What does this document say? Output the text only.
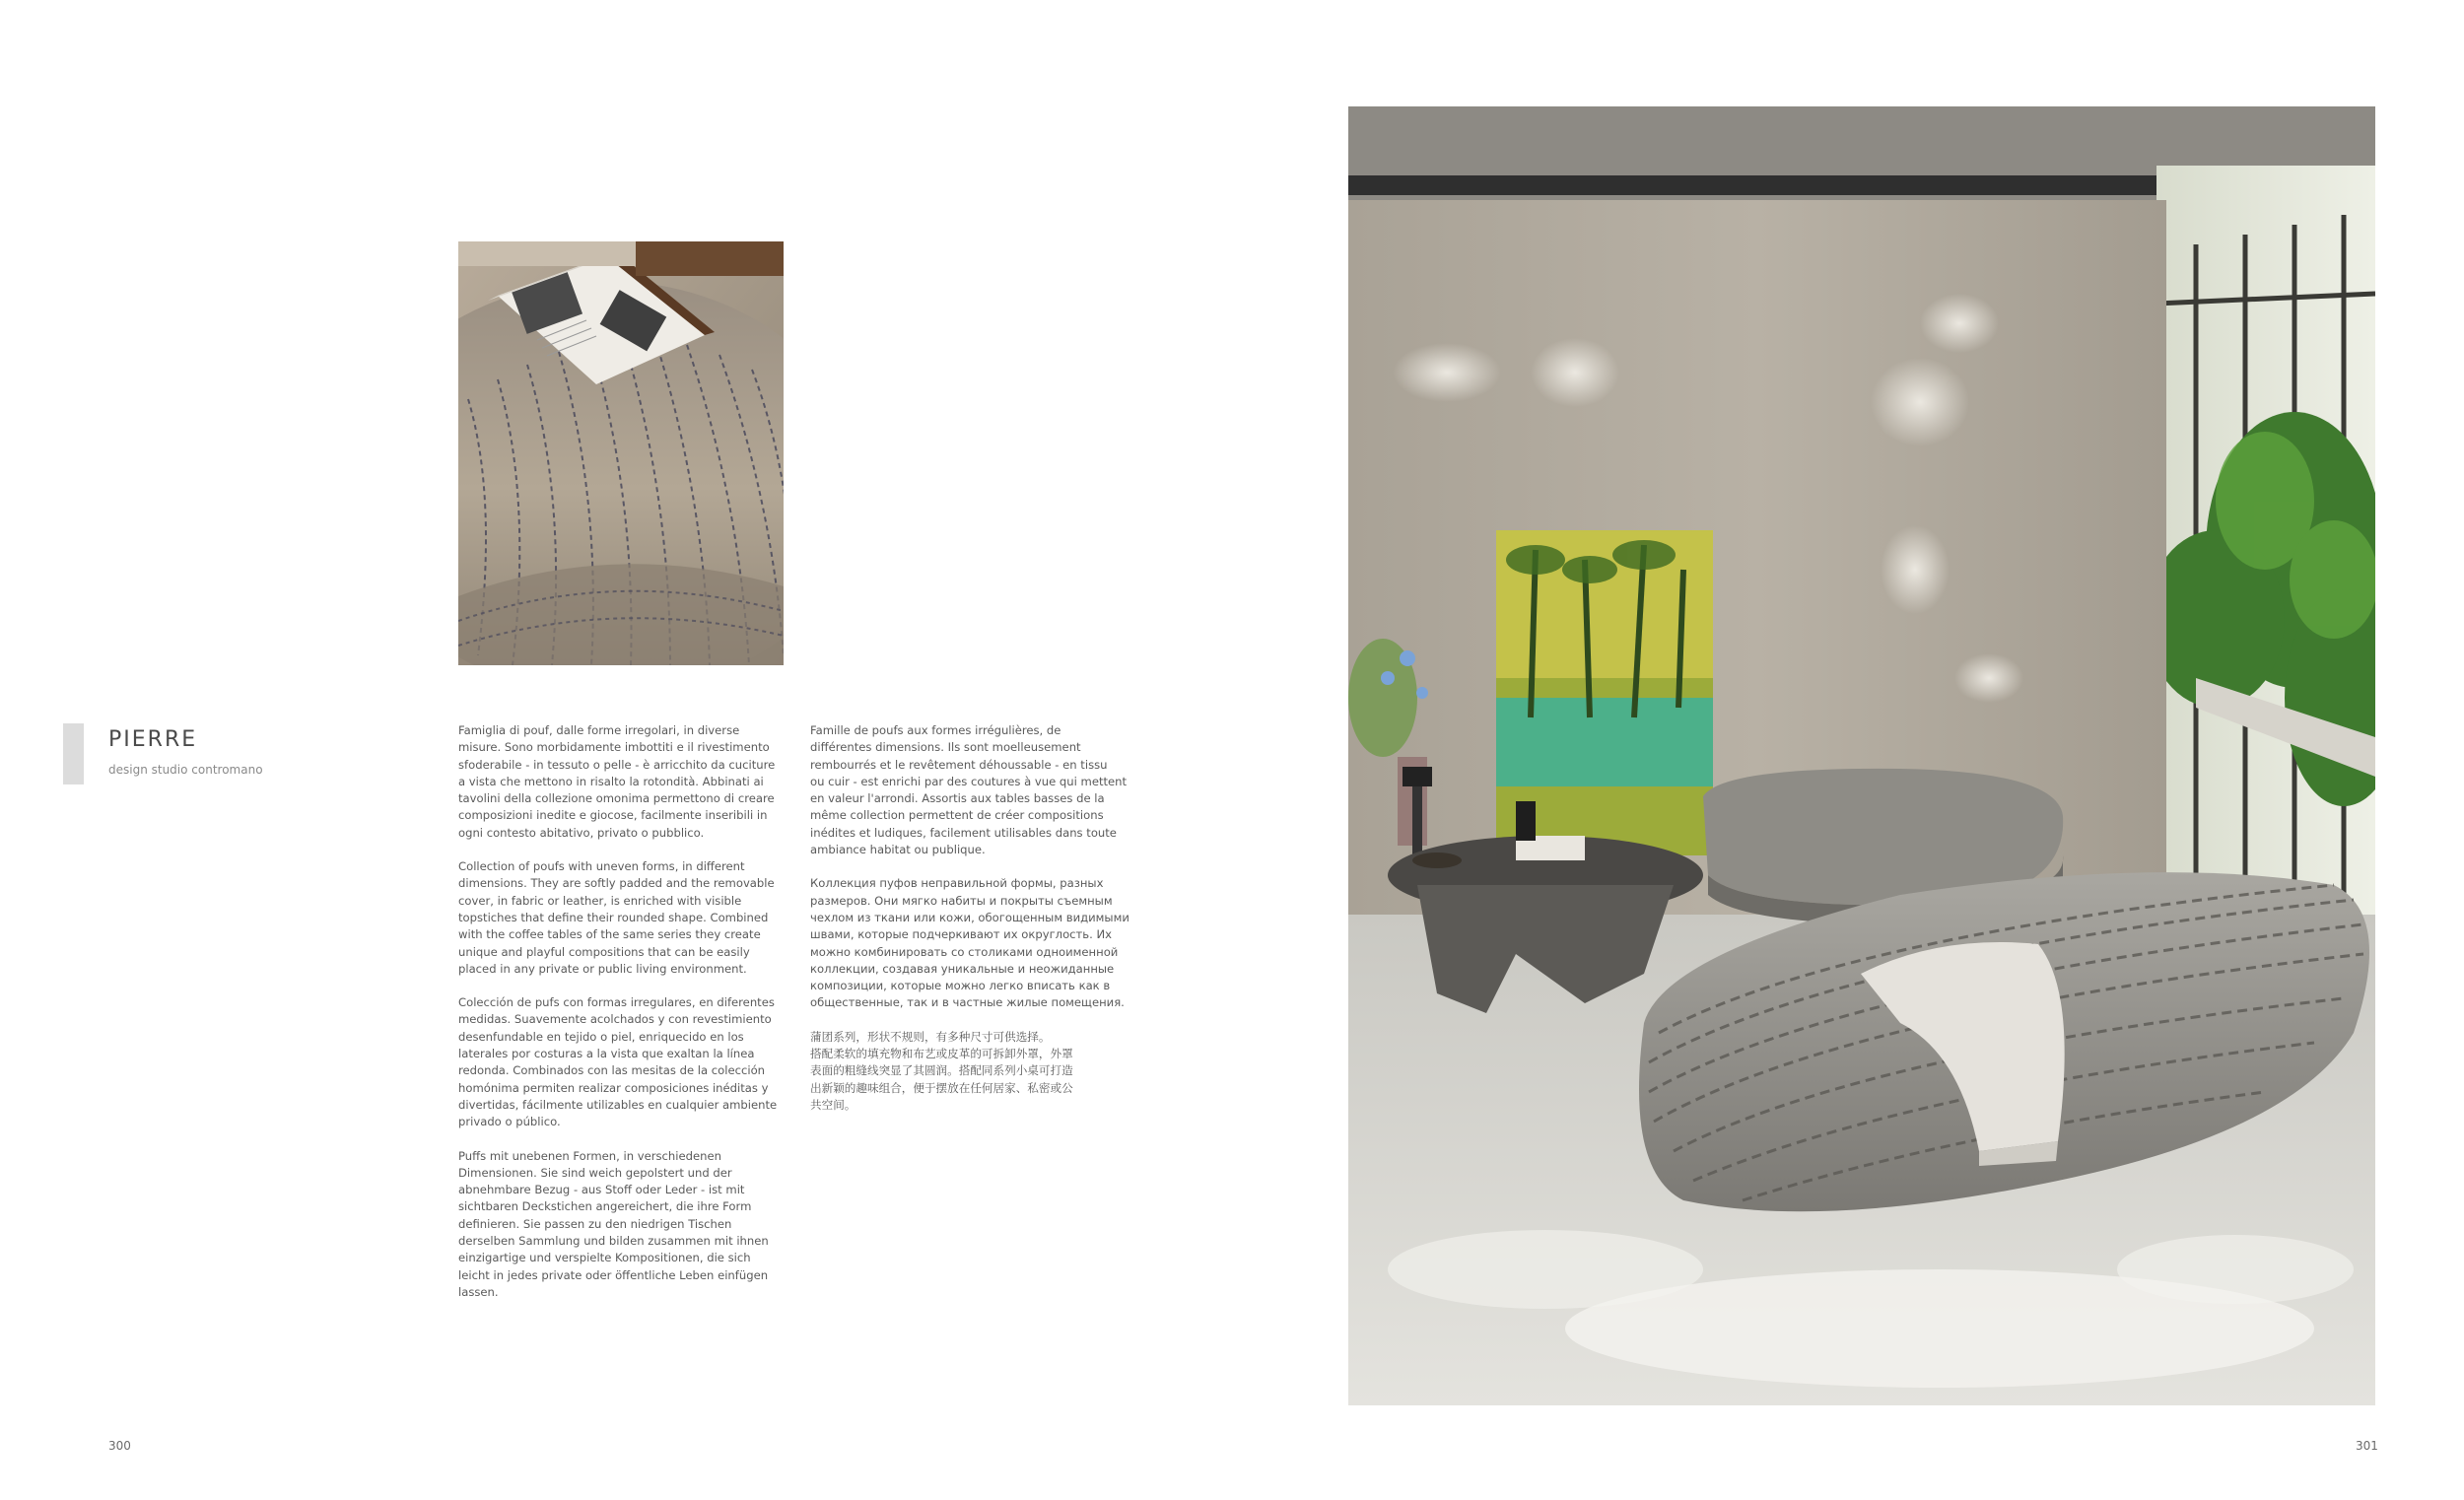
PIERRE
design studio contromano

Famiglia di pouf, dalle forme irregolari, in diverse
misure. Sono morbidamente imbottiti e il rivestimento
sfoderabile - in tessuto o pelle - è arricchito da cuciture
a vista che mettono in risalto la rotondità. Abbinati ai
tavolini della collezione omonima permettono di creare
composizioni inedite e giocose, facilmente inseribili in
ogni contesto abitativo, privato o pubblico.

Collection of poufs with uneven forms, in different
dimensions. They are softly padded and the removable
cover, in fabric or leather, is enriched with visible
topstiches that define their rounded shape. Combined
with the coffee tables of the same series they create
unique and playful compositions that can be easily
placed in any private or public living environment.

Colección de pufs con formas irregulares, en diferentes
medidas. Suavemente acolchados y con revestimiento
desenfundable en tejido o piel, enriquecido en los
laterales por costuras a la vista que exaltan la línea
redonda. Combinados con las mesitas de la colección
homónima permiten realizar composiciones inéditas y
divertidas, fácilmente utilizables en cualquier ambiente
privado o público.

Puffs mit unebenen Formen, in verschiedenen
Dimensionen. Sie sind weich gepolstert und der
abnehmbare Bezug - aus Stoff oder Leder - ist mit
sichtbaren Deckstichen angereichert, die ihre Form
definieren. Sie passen zu den niedrigen Tischen
derselben Sammlung und bilden zusammen mit ihnen
einzigartige und verspielte Kompositionen, die sich
leicht in jedes private oder öffentliche Leben einfügen
lassen.

Famille de poufs aux formes irrégulières, de
différentes dimensions. Ils sont moelleusement
rembourrés et le revêtement déhoussable - en tissu
ou cuir - est enrichi par des coutures à vue qui mettent
en valeur l'arrondi. Assortis aux tables basses de la
même collection permettent de créer compositions
inédites et ludiques, facilement utilisables dans toute
ambiance habitat ou publique.

Коллекция пуфов неправильной формы, разных
размеров. Они мягко набиты и покрыты съемным
чехлом из ткани или кожи, обогощенным видимыми
швами, которые подчеркивают их округлость. Их
можно комбинировать со столиками одноименной
коллекции, создавая уникальные и неожиданные
композиции, которые можно легко вписать как в
общественные, так и в частные жилые помещения.

蒲团系列，形状不规则，有多种尺寸可供选择。
搭配柔软的填充物和布艺或皮革的可拆卸外罩，外罩
表面的粗缝线突显了其圆润。搭配同系列小桌可打造
出新颖的趣味组合，便于摆放在任何居家、私密或公
共空间。

300	301
